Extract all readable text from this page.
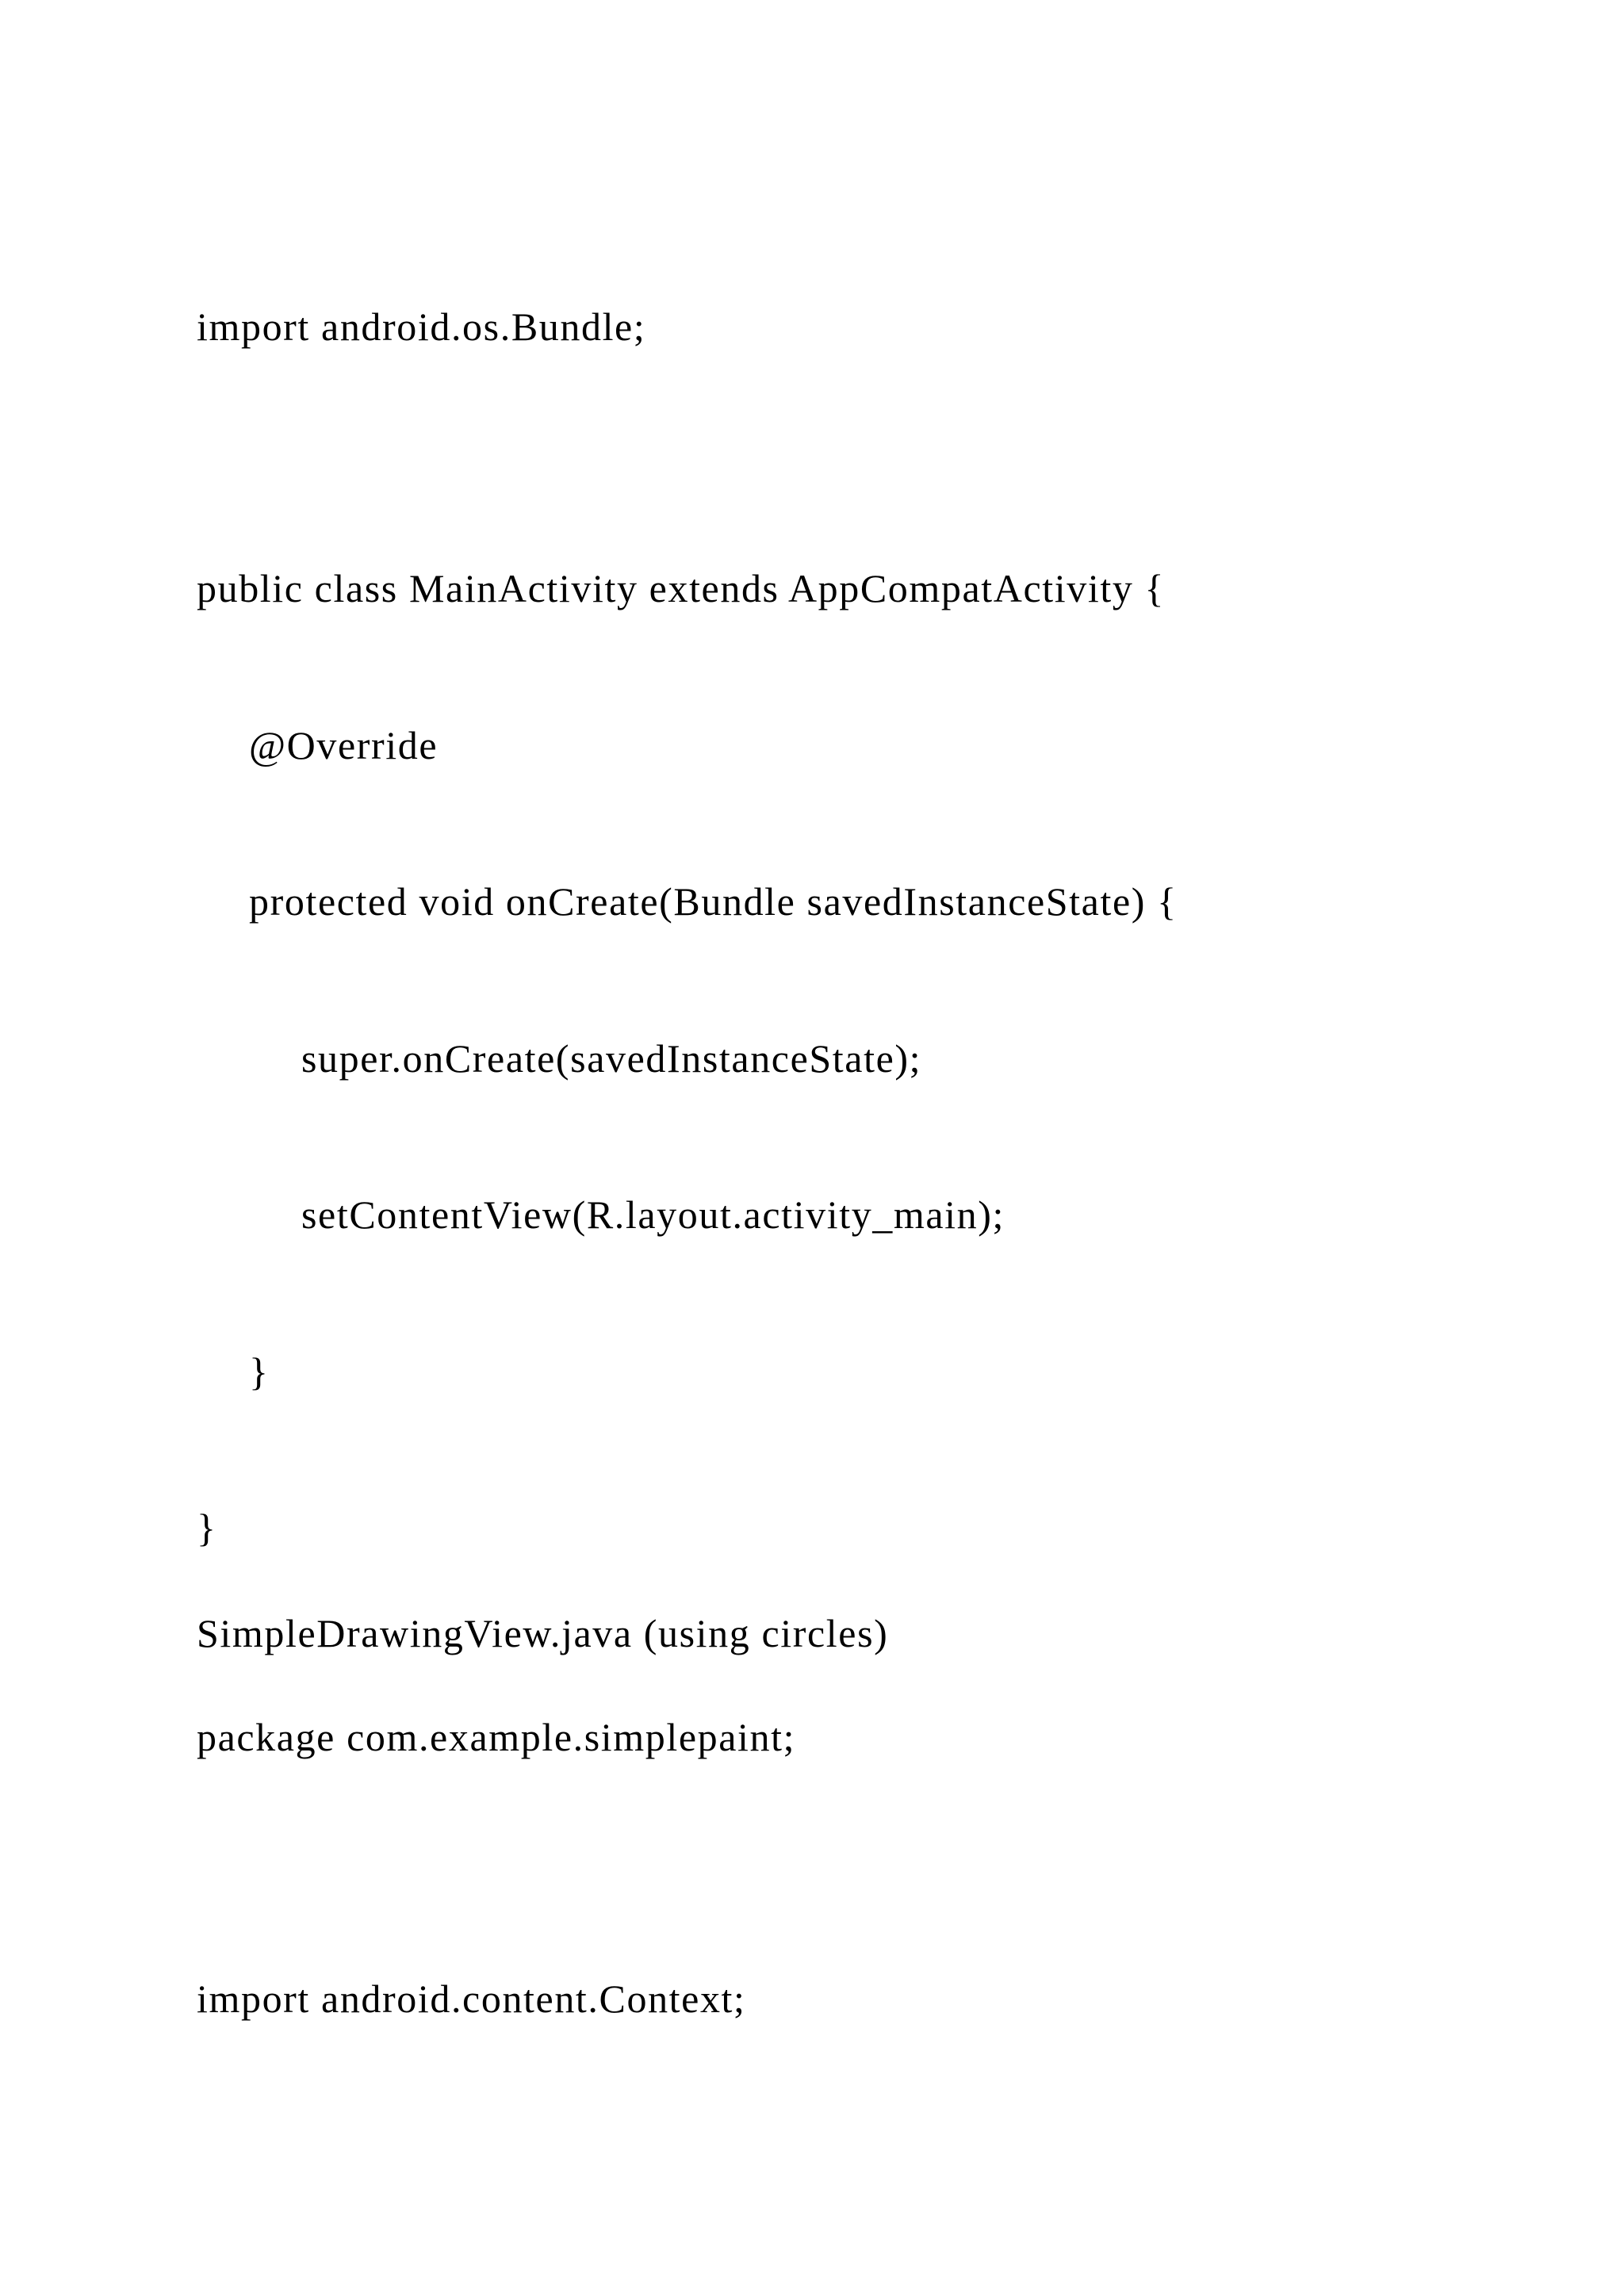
import android.os.Bundle;

public class MainActivity extends AppCompatActivity {

@Override

protected void onCreate(Bundle savedInstanceState) {

super.onCreate(savedInstanceState);

setContentView(R.layout.activity_main);

}

}

SimpleDrawingView.java (using circles)

package com.example.simplepaint;

import android.content.Context;
